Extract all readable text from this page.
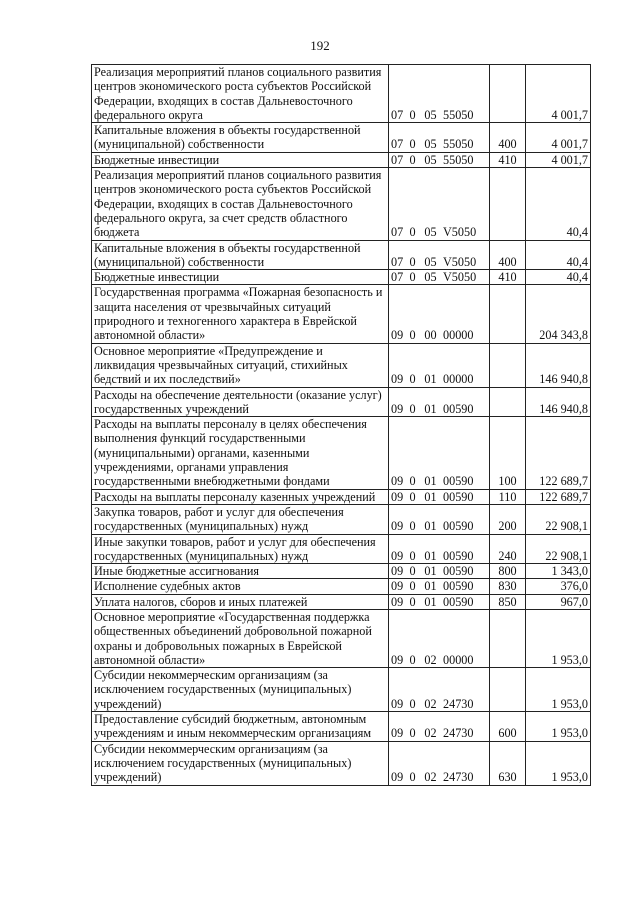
192
Реализация мероприятий планов социального развития центров экономического роста субъектов Российской Федерации, входящих в состав Дальневосточного федерального округа	07	0	05	55050		4 001,7
Капитальные вложения в объекты государственной (муниципальной) собственности	07	0	05	55050	400	4 001,7
Бюджетные инвестиции	07	0	05	55050	410	4 001,7
Реализация мероприятий планов социального развития центров экономического роста субъектов Российской Федерации, входящих в состав Дальневосточного федерального округа, за счет средств областного бюджета	07	0	05	V5050		40,4
Капитальные вложения в объекты государственной (муниципальной) собственности	07	0	05	V5050	400	40,4
Бюджетные инвестиции	07	0	05	V5050	410	40,4
Государственная программа «Пожарная безопасность и защита населения от чрезвычайных ситуаций природного и техногенного характера в Еврейской автономной области»	09	0	00	00000		204 343,8
Основное мероприятие «Предупреждение и ликвидация чрезвычайных ситуаций, стихийных бедствий и их последствий»	09	0	01	00000		146 940,8
Расходы на обеспечение деятельности (оказание услуг) государственных учреждений	09	0	01	00590		146 940,8
Расходы на выплаты персоналу в целях обеспечения выполнения функций государственными (муниципальными) органами, казенными учреждениями, органами управления государственными внебюджетными фондами	09	0	01	00590	100	122 689,7
Расходы на выплаты персоналу казенных учреждений	09	0	01	00590	110	122 689,7
Закупка товаров, работ и услуг для обеспечения государственных (муниципальных) нужд	09	0	01	00590	200	22 908,1
Иные закупки товаров, работ и услуг для обеспечения государственных (муниципальных) нужд	09	0	01	00590	240	22 908,1
Иные бюджетные ассигнования	09	0	01	00590	800	1 343,0
Исполнение судебных актов	09	0	01	00590	830	376,0
Уплата налогов, сборов и иных платежей	09	0	01	00590	850	967,0
Основное мероприятие «Государственная поддержка общественных объединений добровольной пожарной охраны и добровольных пожарных в Еврейской автономной области»	09	0	02	00000		1 953,0
Субсидии некоммерческим организациям (за исключением государственных (муниципальных) учреждений)	09	0	02	24730		1 953,0
Предоставление субсидий бюджетным, автономным учреждениям и иным некоммерческим организациям	09	0	02	24730	600	1 953,0
Субсидии некоммерческим организациям (за исключением государственных (муниципальных) учреждений)	09	0	02	24730	630	1 953,0
